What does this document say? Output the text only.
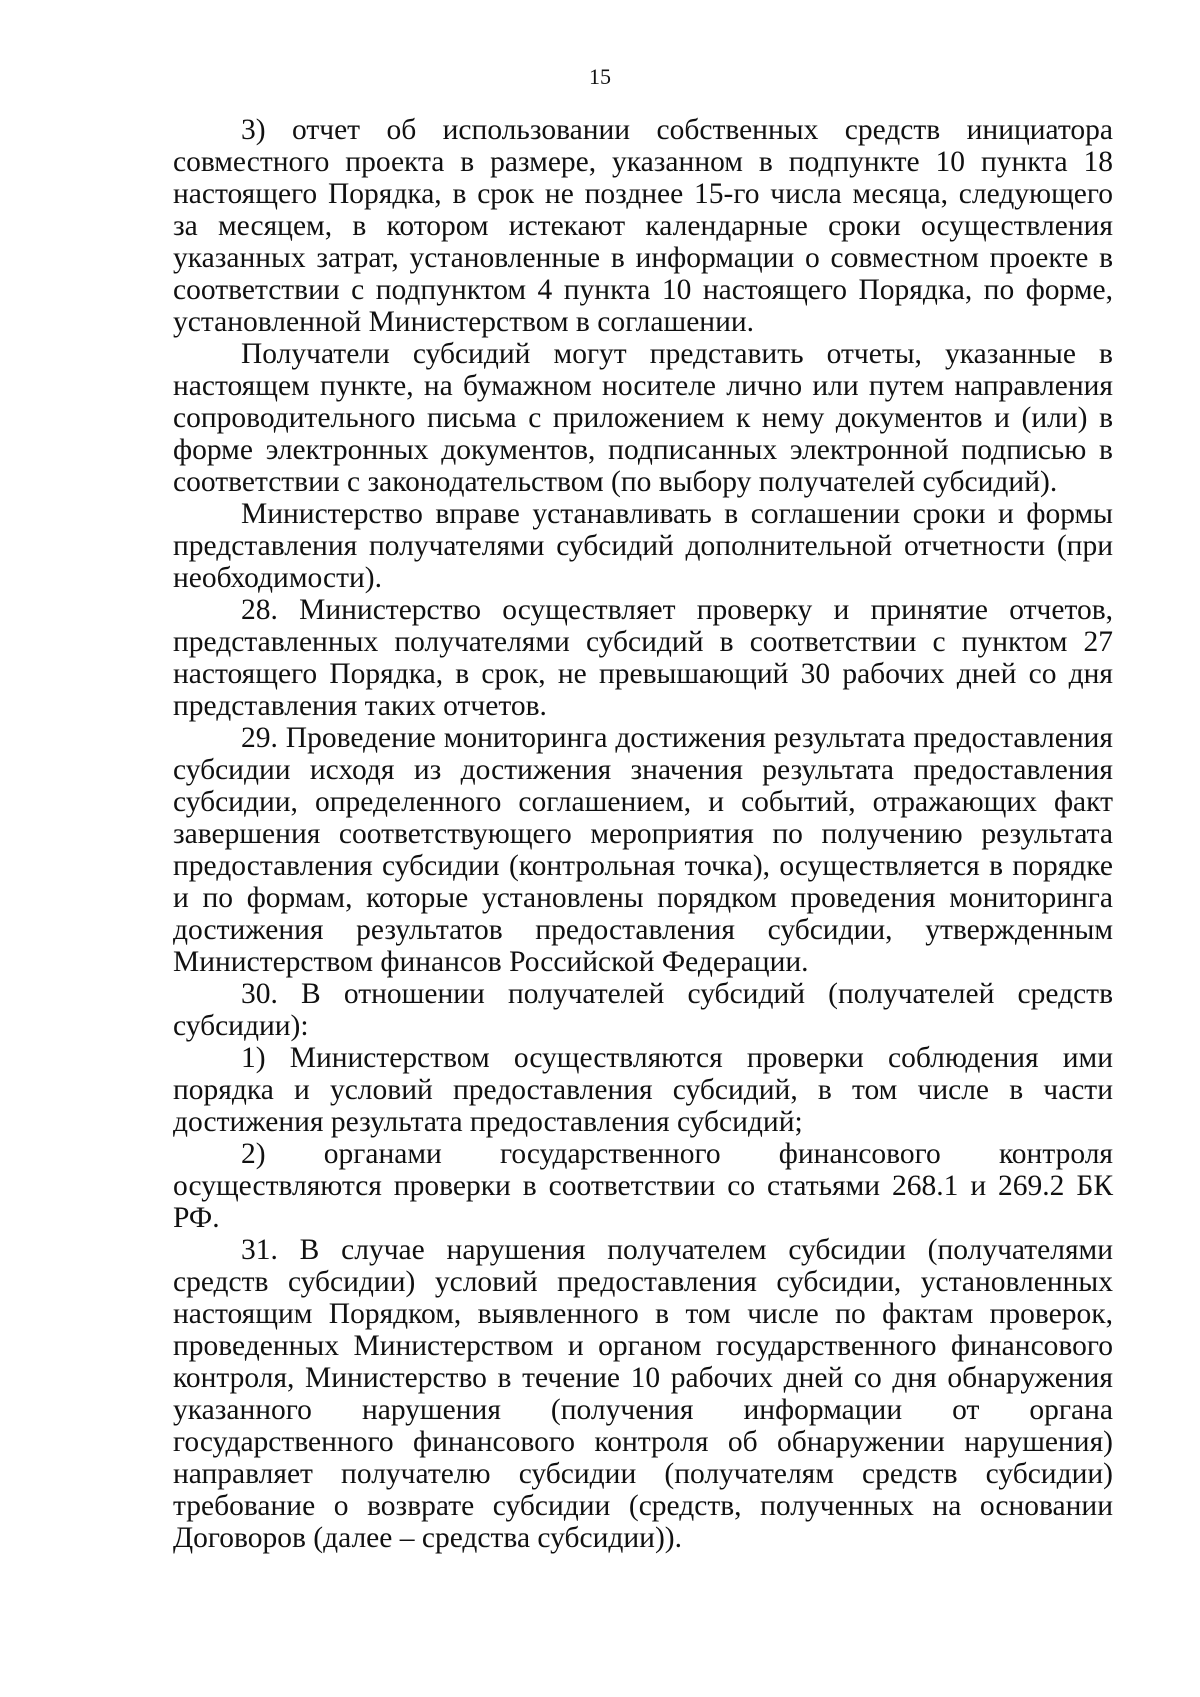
15

3) отчет об использовании собственных средств инициатора совместного проекта в размере, указанном в подпункте 10 пункта 18 настоящего Порядка, в срок не позднее 15-го числа месяца, следующего за месяцем, в котором истекают календарные сроки осуществления указанных затрат, установленные в информации о совместном проекте в соответствии с подпунктом 4 пункта 10 настоящего Порядка, по форме, установленной Министерством в соглашении.

Получатели субсидий могут представить отчеты, указанные в настоящем пункте, на бумажном носителе лично или путем направления сопроводительного письма с приложением к нему документов и (или) в форме электронных документов, подписанных электронной подписью в соответствии с законодательством (по выбору получателей субсидий).

Министерство вправе устанавливать в соглашении сроки и формы представления получателями субсидий дополнительной отчетности (при необходимости).

28. Министерство осуществляет проверку и принятие отчетов, представленных получателями субсидий в соответствии с пунктом 27 настоящего Порядка, в срок, не превышающий 30 рабочих дней со дня представления таких отчетов.

29. Проведение мониторинга достижения результата предоставления субсидии исходя из достижения значения результата предоставления субсидии, определенного соглашением, и событий, отражающих факт завершения соответствующего мероприятия по получению результата предоставления субсидии (контрольная точка), осуществляется в порядке и по формам, которые установлены порядком проведения мониторинга достижения результатов предоставления субсидии, утвержденным Министерством финансов Российской Федерации.

30. В отношении получателей субсидий (получателей средств субсидии):

1) Министерством осуществляются проверки соблюдения ими порядка и условий предоставления субсидий, в том числе в части достижения результата предоставления субсидий;

2) органами государственного финансового контроля осуществляются проверки в соответствии со статьями 268.1 и 269.2 БК РФ.

31. В случае нарушения получателем субсидии (получателями средств субсидии) условий предоставления субсидии, установленных настоящим Порядком, выявленного в том числе по фактам проверок, проведенных Министерством и органом государственного финансового контроля, Министерство в течение 10 рабочих дней со дня обнаружения указанного нарушения (получения информации от органа государственного финансового контроля об обнаружении нарушения) направляет получателю субсидии (получателям средств субсидии) требование о возврате субсидии (средств, полученных на основании Договоров (далее – средства субсидии)).
